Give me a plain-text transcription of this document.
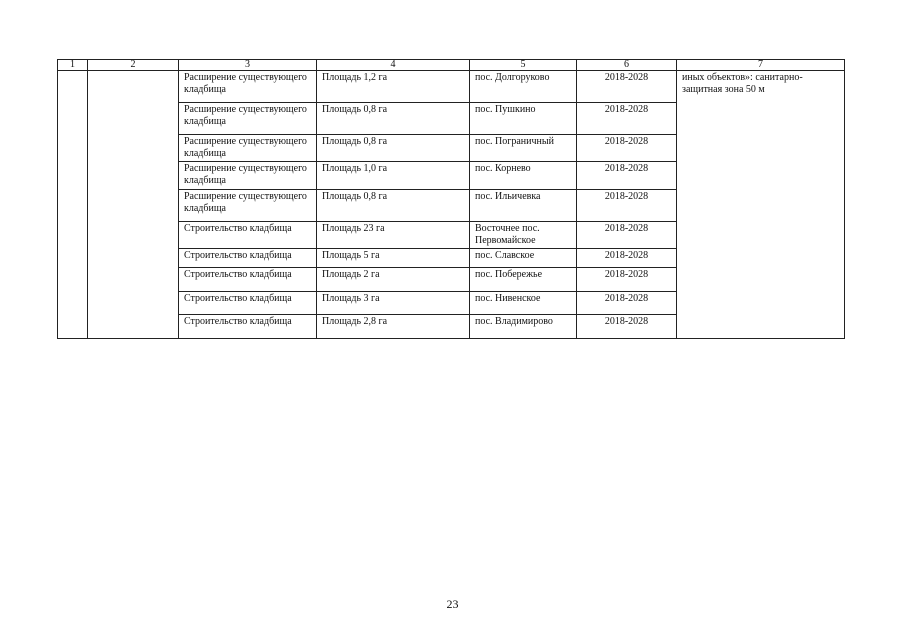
1	2	3	4	5	6	7
		Расширение существующего кладбища	Площадь 1,2 га	пос. Долгоруково	2018-2028	иных объектов»: санитарно-защитная зона 50 м
		Расширение существующего кладбища	Площадь 0,8 га	пос. Пушкино	2018-2028	
		Расширение существующего кладбища	Площадь 0,8 га	пос. Пограничный	2018-2028	
		Расширение существующего кладбища	Площадь 1,0 га	пос. Корнево	2018-2028	
		Расширение существующего кладбища	Площадь 0,8 га	пос. Ильичевка	2018-2028	
		Строительство кладбища	Площадь 23 га	Восточнее пос. Первомайское	2018-2028	
		Строительство кладбища	Площадь 5 га	пос. Славское	2018-2028	
		Строительство кладбища	Площадь 2 га	пос. Побережье	2018-2028	
		Строительство кладбища	Площадь 3 га	пос. Нивенское	2018-2028	
		Строительство кладбища	Площадь 2,8 га	пос. Владимирово	2018-2028	
23
